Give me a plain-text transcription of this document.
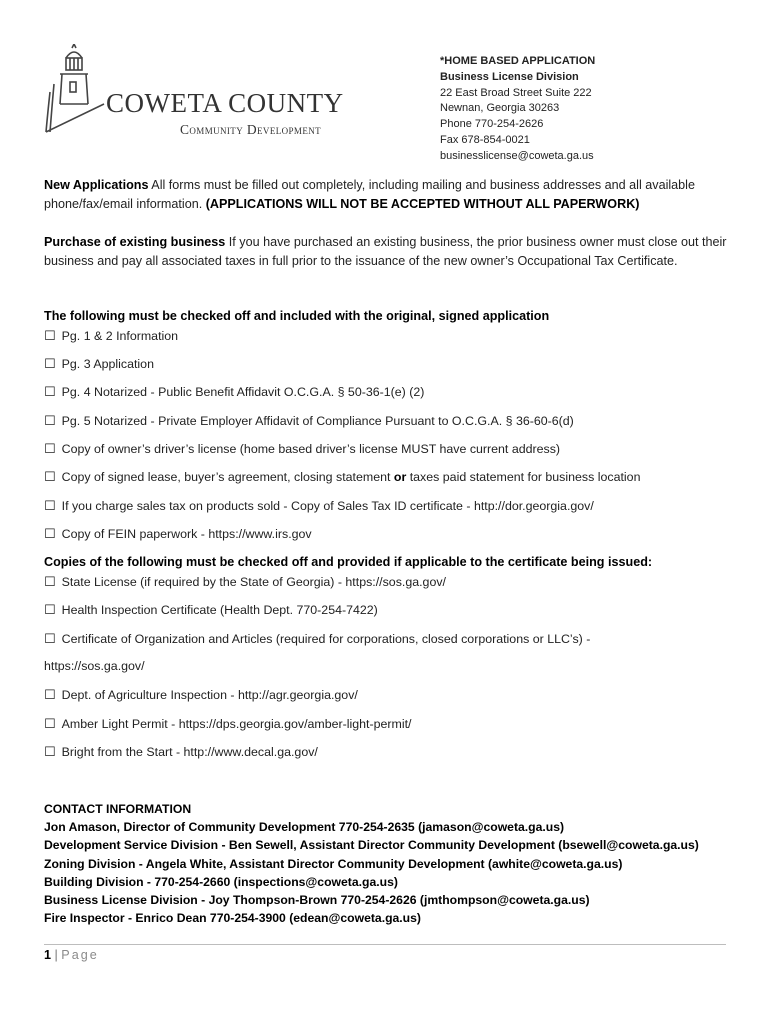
COWETA COUNTY
Community Development
*HOME BASED APPLICATION
Business License Division
22 East Broad Street Suite 222
Newnan, Georgia 30263
Phone 770-254-2626
Fax 678-854-0021
businesslicense@coweta.ga.us
New Applications All forms must be filled out completely, including mailing and business addresses and all available phone/fax/email information. (APPLICATIONS WILL NOT BE ACCEPTED WITHOUT ALL PAPERWORK)
Purchase of existing business If you have purchased an existing business, the prior business owner must close out their business and pay all associated taxes in full prior to the issuance of the new owner’s Occupational Tax Certificate.
The following must be checked off and included with the original, signed application
☐ Pg. 1 & 2 Information
☐ Pg. 3 Application
☐ Pg. 4 Notarized - Public Benefit Affidavit O.C.G.A. § 50-36-1(e) (2)
☐ Pg. 5 Notarized - Private Employer Affidavit of Compliance Pursuant to O.C.G.A. § 36-60-6(d)
☐ Copy of owner’s driver’s license (home based driver’s license MUST have current address)
☐ Copy of signed lease, buyer’s agreement, closing statement or taxes paid statement for business location
☐ If you charge sales tax on products sold - Copy of Sales Tax ID certificate - http://dor.georgia.gov/
☐ Copy of FEIN paperwork - https://www.irs.gov
Copies of the following must be checked off and provided if applicable to the certificate being issued:
☐ State License (if required by the State of Georgia) - https://sos.ga.gov/
☐ Health Inspection Certificate (Health Dept. 770-254-7422)
☐ Certificate of Organization and Articles (required for corporations, closed corporations or LLC’s) -
https://sos.ga.gov/
☐ Dept. of Agriculture Inspection - http://agr.georgia.gov/
☐ Amber Light Permit - https://dps.georgia.gov/amber-light-permit/
☐ Bright from the Start - http://www.decal.ga.gov/
CONTACT INFORMATION
Jon Amason, Director of Community Development 770-254-2635 (jamason@coweta.ga.us)
Development Service Division - Ben Sewell, Assistant Director Community Development (bsewell@coweta.ga.us)
Zoning Division - Angela White, Assistant Director Community Development (awhite@coweta.ga.us)
Building Division - 770-254-2660 (inspections@coweta.ga.us)
Business License Division - Joy Thompson-Brown 770-254-2626 (jmthompson@coweta.ga.us)
Fire Inspector - Enrico Dean 770-254-3900 (edean@coweta.ga.us)
1 | Page
